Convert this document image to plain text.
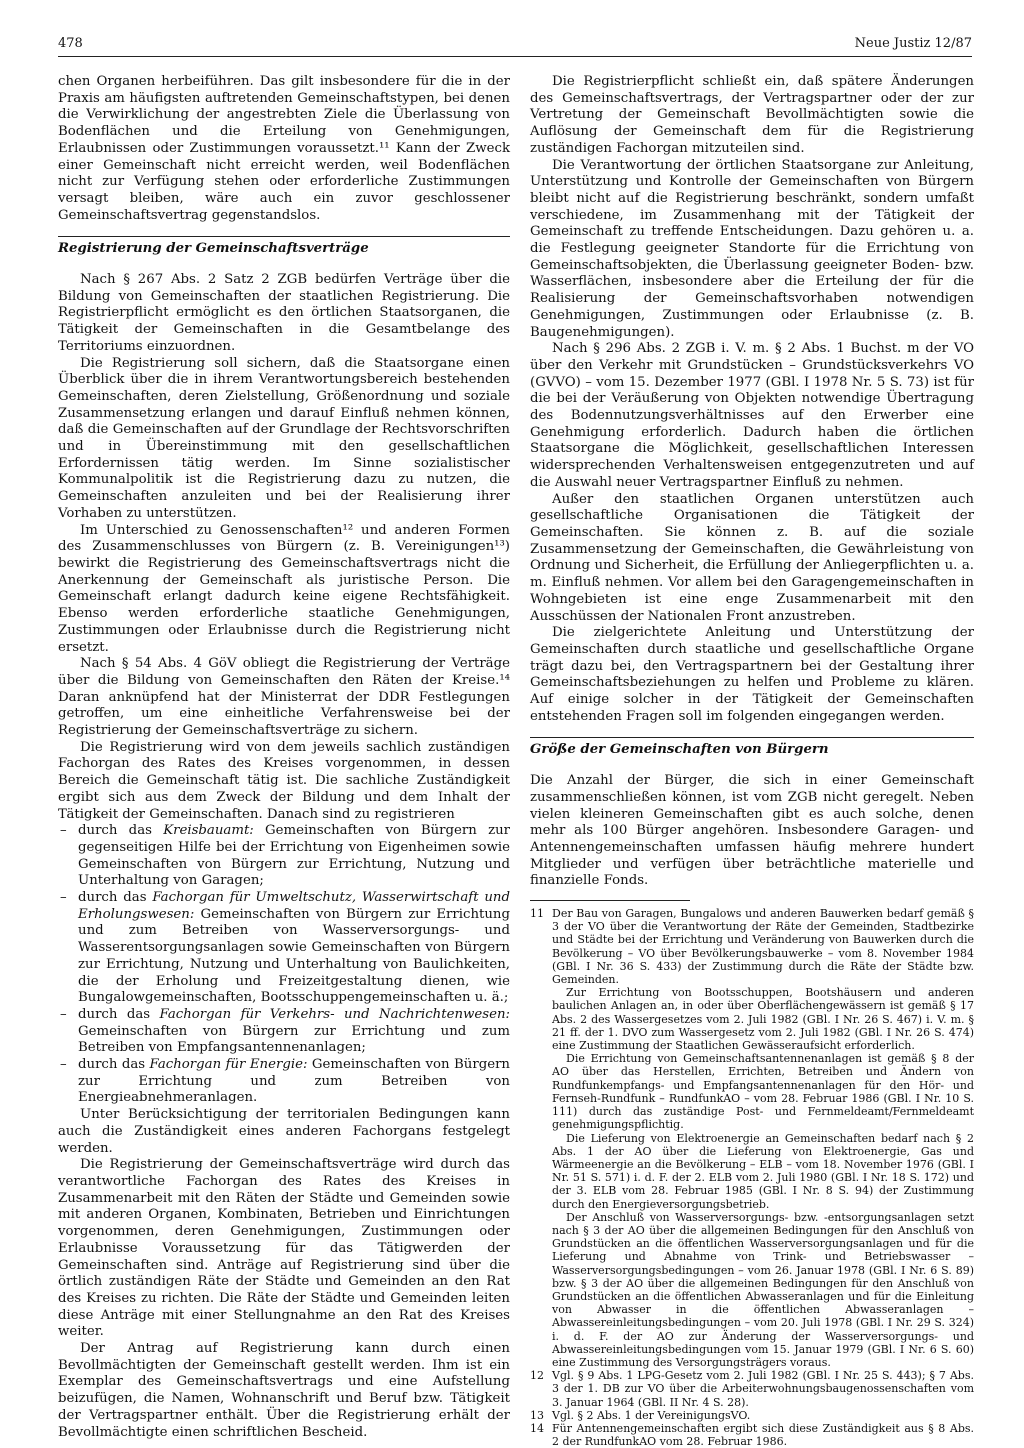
478	Neue Justiz 12/87

chen Organen herbeiführen. Das gilt insbesondere für die in der Praxis am häufigsten auftretenden Gemeinschaftstypen, bei denen die Verwirklichung der angestrebten Ziele die Überlassung von Bodenflächen und die Erteilung von Genehmigungen, Erlaubnissen oder Zustimmungen voraussetzt.¹¹ Kann der Zweck einer Gemeinschaft nicht erreicht werden, weil Bodenflächen nicht zur Verfügung stehen oder erforderliche Zustimmungen versagt bleiben, wäre auch ein zuvor geschlossener Gemeinschaftsvertrag gegenstandslos.

Registrierung der Gemeinschaftsverträge

Nach § 267 Abs. 2 Satz 2 ZGB bedürfen Verträge über die Bildung von Gemeinschaften der staatlichen Registrierung. Die Registrierpflicht ermöglicht es den örtlichen Staatsorganen, die Tätigkeit der Gemeinschaften in die Gesamtbelange des Territoriums einzuordnen.

Die Registrierung soll sichern, daß die Staatsorgane einen Überblick über die in ihrem Verantwortungsbereich bestehenden Gemeinschaften, deren Zielstellung, Größenordnung und soziale Zusammensetzung erlangen und darauf Einfluß nehmen können, daß die Gemeinschaften auf der Grundlage der Rechtsvorschriften und in Übereinstimmung mit den gesellschaftlichen Erfordernissen tätig werden. Im Sinne sozialistischer Kommunalpolitik ist die Registrierung dazu zu nutzen, die Gemeinschaften anzuleiten und bei der Realisierung ihrer Vorhaben zu unterstützen.

Im Unterschied zu Genossenschaften¹² und anderen Formen des Zusammenschlusses von Bürgern (z. B. Vereinigungen¹³) bewirkt die Registrierung des Gemeinschaftsvertrags nicht die Anerkennung der Gemeinschaft als juristische Person. Die Gemeinschaft erlangt dadurch keine eigene Rechtsfähigkeit. Ebenso werden erforderliche staatliche Genehmigungen, Zustimmungen oder Erlaubnisse durch die Registrierung nicht ersetzt.

Nach § 54 Abs. 4 GöV obliegt die Registrierung der Verträge über die Bildung von Gemeinschaften den Räten der Kreise.¹⁴ Daran anknüpfend hat der Ministerrat der DDR Festlegungen getroffen, um eine einheitliche Verfahrensweise bei der Registrierung der Gemeinschaftsverträge zu sichern.

Die Registrierung wird von dem jeweils sachlich zuständigen Fachorgan des Rates des Kreises vorgenommen, in dessen Bereich die Gemeinschaft tätig ist. Die sachliche Zuständigkeit ergibt sich aus dem Zweck der Bildung und dem Inhalt der Tätigkeit der Gemeinschaften. Danach sind zu registrieren

– durch das Kreisbauamt: Gemeinschaften von Bürgern zur gegenseitigen Hilfe bei der Errichtung von Eigenheimen sowie Gemeinschaften von Bürgern zur Errichtung, Nutzung und Unterhaltung von Garagen;
– durch das Fachorgan für Umweltschutz, Wasserwirtschaft und Erholungswesen: Gemeinschaften von Bürgern zur Errichtung und zum Betreiben von Wasserversorgungs- und Wasserentsorgungsanlagen sowie Gemeinschaften von Bürgern zur Errichtung, Nutzung und Unterhaltung von Baulichkeiten, die der Erholung und Freizeitgestaltung dienen, wie Bungalowgemeinschaften, Bootsschuppengemeinschaften u. ä.;
– durch das Fachorgan für Verkehrs- und Nachrichtenwesen: Gemeinschaften von Bürgern zur Errichtung und zum Betreiben von Empfangsantennenanlagen;
– durch das Fachorgan für Energie: Gemeinschaften von Bürgern zur Errichtung und zum Betreiben von Energieabnehmeranlagen.

Unter Berücksichtigung der territorialen Bedingungen kann auch die Zuständigkeit eines anderen Fachorgans festgelegt werden.

Die Registrierung der Gemeinschaftsverträge wird durch das verantwortliche Fachorgan des Rates des Kreises in Zusammenarbeit mit den Räten der Städte und Gemeinden sowie mit anderen Organen, Kombinaten, Betrieben und Einrichtungen vorgenommen, deren Genehmigungen, Zustimmungen oder Erlaubnisse Voraussetzung für das Tätigwerden der Gemeinschaften sind. Anträge auf Registrierung sind über die örtlich zuständigen Räte der Städte und Gemeinden an den Rat des Kreises zu richten. Die Räte der Städte und Gemeinden leiten diese Anträge mit einer Stellungnahme an den Rat des Kreises weiter.

Der Antrag auf Registrierung kann durch einen Bevollmächtigten der Gemeinschaft gestellt werden. Ihm ist ein Exemplar des Gemeinschaftsvertrags und eine Aufstellung beizufügen, die Namen, Wohnanschrift und Beruf bzw. Tätigkeit der Vertragspartner enthält. Über die Registrierung erhält der Bevollmächtigte einen schriftlichen Bescheid.

Die Registrierpflicht schließt ein, daß spätere Änderungen des Gemeinschaftsvertrags, der Vertragspartner oder der zur Vertretung der Gemeinschaft Bevollmächtigten sowie die Auflösung der Gemeinschaft dem für die Registrierung zuständigen Fachorgan mitzuteilen sind.

Die Verantwortung der örtlichen Staatsorgane zur Anleitung, Unterstützung und Kontrolle der Gemeinschaften von Bürgern bleibt nicht auf die Registrierung beschränkt, sondern umfaßt verschiedene, im Zusammenhang mit der Tätigkeit der Gemeinschaft zu treffende Entscheidungen. Dazu gehören u. a. die Festlegung geeigneter Standorte für die Errichtung von Gemeinschaftsobjekten, die Überlassung geeigneter Boden- bzw. Wasserflächen, insbesondere aber die Erteilung der für die Realisierung der Gemeinschaftsvorhaben notwendigen Genehmigungen, Zustimmungen oder Erlaubnisse (z. B. Baugenehmigungen).

Nach § 296 Abs. 2 ZGB i. V. m. § 2 Abs. 1 Buchst. m der VO über den Verkehr mit Grundstücken – Grundstücksverkehrs VO (GVVO) – vom 15. Dezember 1977 (GBl. I 1978 Nr. 5 S. 73) ist für die bei der Veräußerung von Objekten notwendige Übertragung des Bodennutzungsverhältnisses auf den Erwerber eine Genehmigung erforderlich. Dadurch haben die örtlichen Staatsorgane die Möglichkeit, gesellschaftlichen Interessen widersprechenden Verhaltensweisen entgegenzutreten und auf die Auswahl neuer Vertragspartner Einfluß zu nehmen.

Außer den staatlichen Organen unterstützen auch gesellschaftliche Organisationen die Tätigkeit der Gemeinschaften. Sie können z. B. auf die soziale Zusammensetzung der Gemeinschaften, die Gewährleistung von Ordnung und Sicherheit, die Erfüllung der Anliegerpflichten u. a. m. Einfluß nehmen. Vor allem bei den Garagengemeinschaften in Wohngebieten ist eine enge Zusammenarbeit mit den Ausschüssen der Nationalen Front anzustreben.

Die zielgerichtete Anleitung und Unterstützung der Gemeinschaften durch staatliche und gesellschaftliche Organe trägt dazu bei, den Vertragspartnern bei der Gestaltung ihrer Gemeinschaftsbeziehungen zu helfen und Probleme zu klären. Auf einige solcher in der Tätigkeit der Gemeinschaften entstehenden Fragen soll im folgenden eingegangen werden.

Größe der Gemeinschaften von Bürgern

Die Anzahl der Bürger, die sich in einer Gemeinschaft zusammenschließen können, ist vom ZGB nicht geregelt. Neben vielen kleineren Gemeinschaften gibt es auch solche, denen mehr als 100 Bürger angehören. Insbesondere Garagen- und Antennengemeinschaften umfassen häufig mehrere hundert Mitglieder und verfügen über beträchtliche materielle und finanzielle Fonds.

11 Der Bau von Garagen, Bungalows und anderen Bauwerken bedarf gemäß § 3 der VO über die Verantwortung der Räte der Gemeinden, Stadtbezirke und Städte bei der Errichtung und Veränderung von Bauwerken durch die Bevölkerung – VO über Bevölkerungsbauwerke – vom 8. November 1984 (GBl. I Nr. 36 S. 433) der Zustimmung durch die Räte der Städte bzw. Gemeinden.

Zur Errichtung von Bootsschuppen, Bootshäusern und anderen baulichen Anlagen an, in oder über Oberflächengewässern ist gemäß § 17 Abs. 2 des Wassergesetzes vom 2. Juli 1982 (GBl. I Nr. 26 S. 467) i. V. m. § 21 ff. der 1. DVO zum Wassergesetz vom 2. Juli 1982 (GBl. I Nr. 26 S. 474) eine Zustimmung der Staatlichen Gewässeraufsicht erforderlich.

Die Errichtung von Gemeinschaftsantennenanlagen ist gemäß § 8 der AO über das Herstellen, Errichten, Betreiben und Ändern von Rundfunkempfangs- und Empfangsantennenanlagen für den Hör- und Fernseh-Rundfunk – RundfunkAO – vom 28. Februar 1986 (GBl. I Nr. 10 S. 111) durch das zuständige Post- und Fernmeldeamt/Fernmeldeamt genehmigungspflichtig.

Die Lieferung von Elektroenergie an Gemeinschaften bedarf nach § 2 Abs. 1 der AO über die Lieferung von Elektroenergie, Gas und Wärmeenergie an die Bevölkerung – ELB – vom 18. November 1976 (GBl. I Nr. 51 S. 571) i. d. F. der 2. ELB vom 2. Juli 1980 (GBl. I Nr. 18 S. 172) und der 3. ELB vom 28. Februar 1985 (GBl. I Nr. 8 S. 94) der Zustimmung durch den Energieversorgungsbetrieb.

Der Anschluß von Wasserversorgungs- bzw. -entsorgungsanlagen setzt nach § 3 der AO über die allgemeinen Bedingungen für den Anschluß von Grundstücken an die öffentlichen Wasserversorgungsanlagen und für die Lieferung und Abnahme von Trink- und Betriebswasser – Wasserversorgungsbedingungen – vom 26. Januar 1978 (GBl. I Nr. 6 S. 89) bzw. § 3 der AO über die allgemeinen Bedingungen für den Anschluß von Grundstücken an die öffentlichen Abwasseranlagen und für die Einleitung von Abwasser in die öffentlichen Abwasseranlagen – Abwassereinleitungsbedingungen – vom 20. Juli 1978 (GBl. I Nr. 29 S. 324) i. d. F. der AO zur Änderung der Wasserversorgungs- und Abwassereinleitungsbedingungen vom 15. Januar 1979 (GBl. I Nr. 6 S. 60) eine Zustimmung des Versorgungsträgers voraus.

12 Vgl. § 9 Abs. 1 LPG-Gesetz vom 2. Juli 1982 (GBl. I Nr. 25 S. 443); § 7 Abs. 3 der 1. DB zur VO über die Arbeiterwohnungsbaugenossenschaften vom 3. Januar 1964 (GBl. II Nr. 4 S. 28).

13 Vgl. § 2 Abs. 1 der VereinigungsVO.

14 Für Antennengemeinschaften ergibt sich diese Zuständigkeit aus § 8 Abs. 2 der RundfunkAO vom 28. Februar 1986.
